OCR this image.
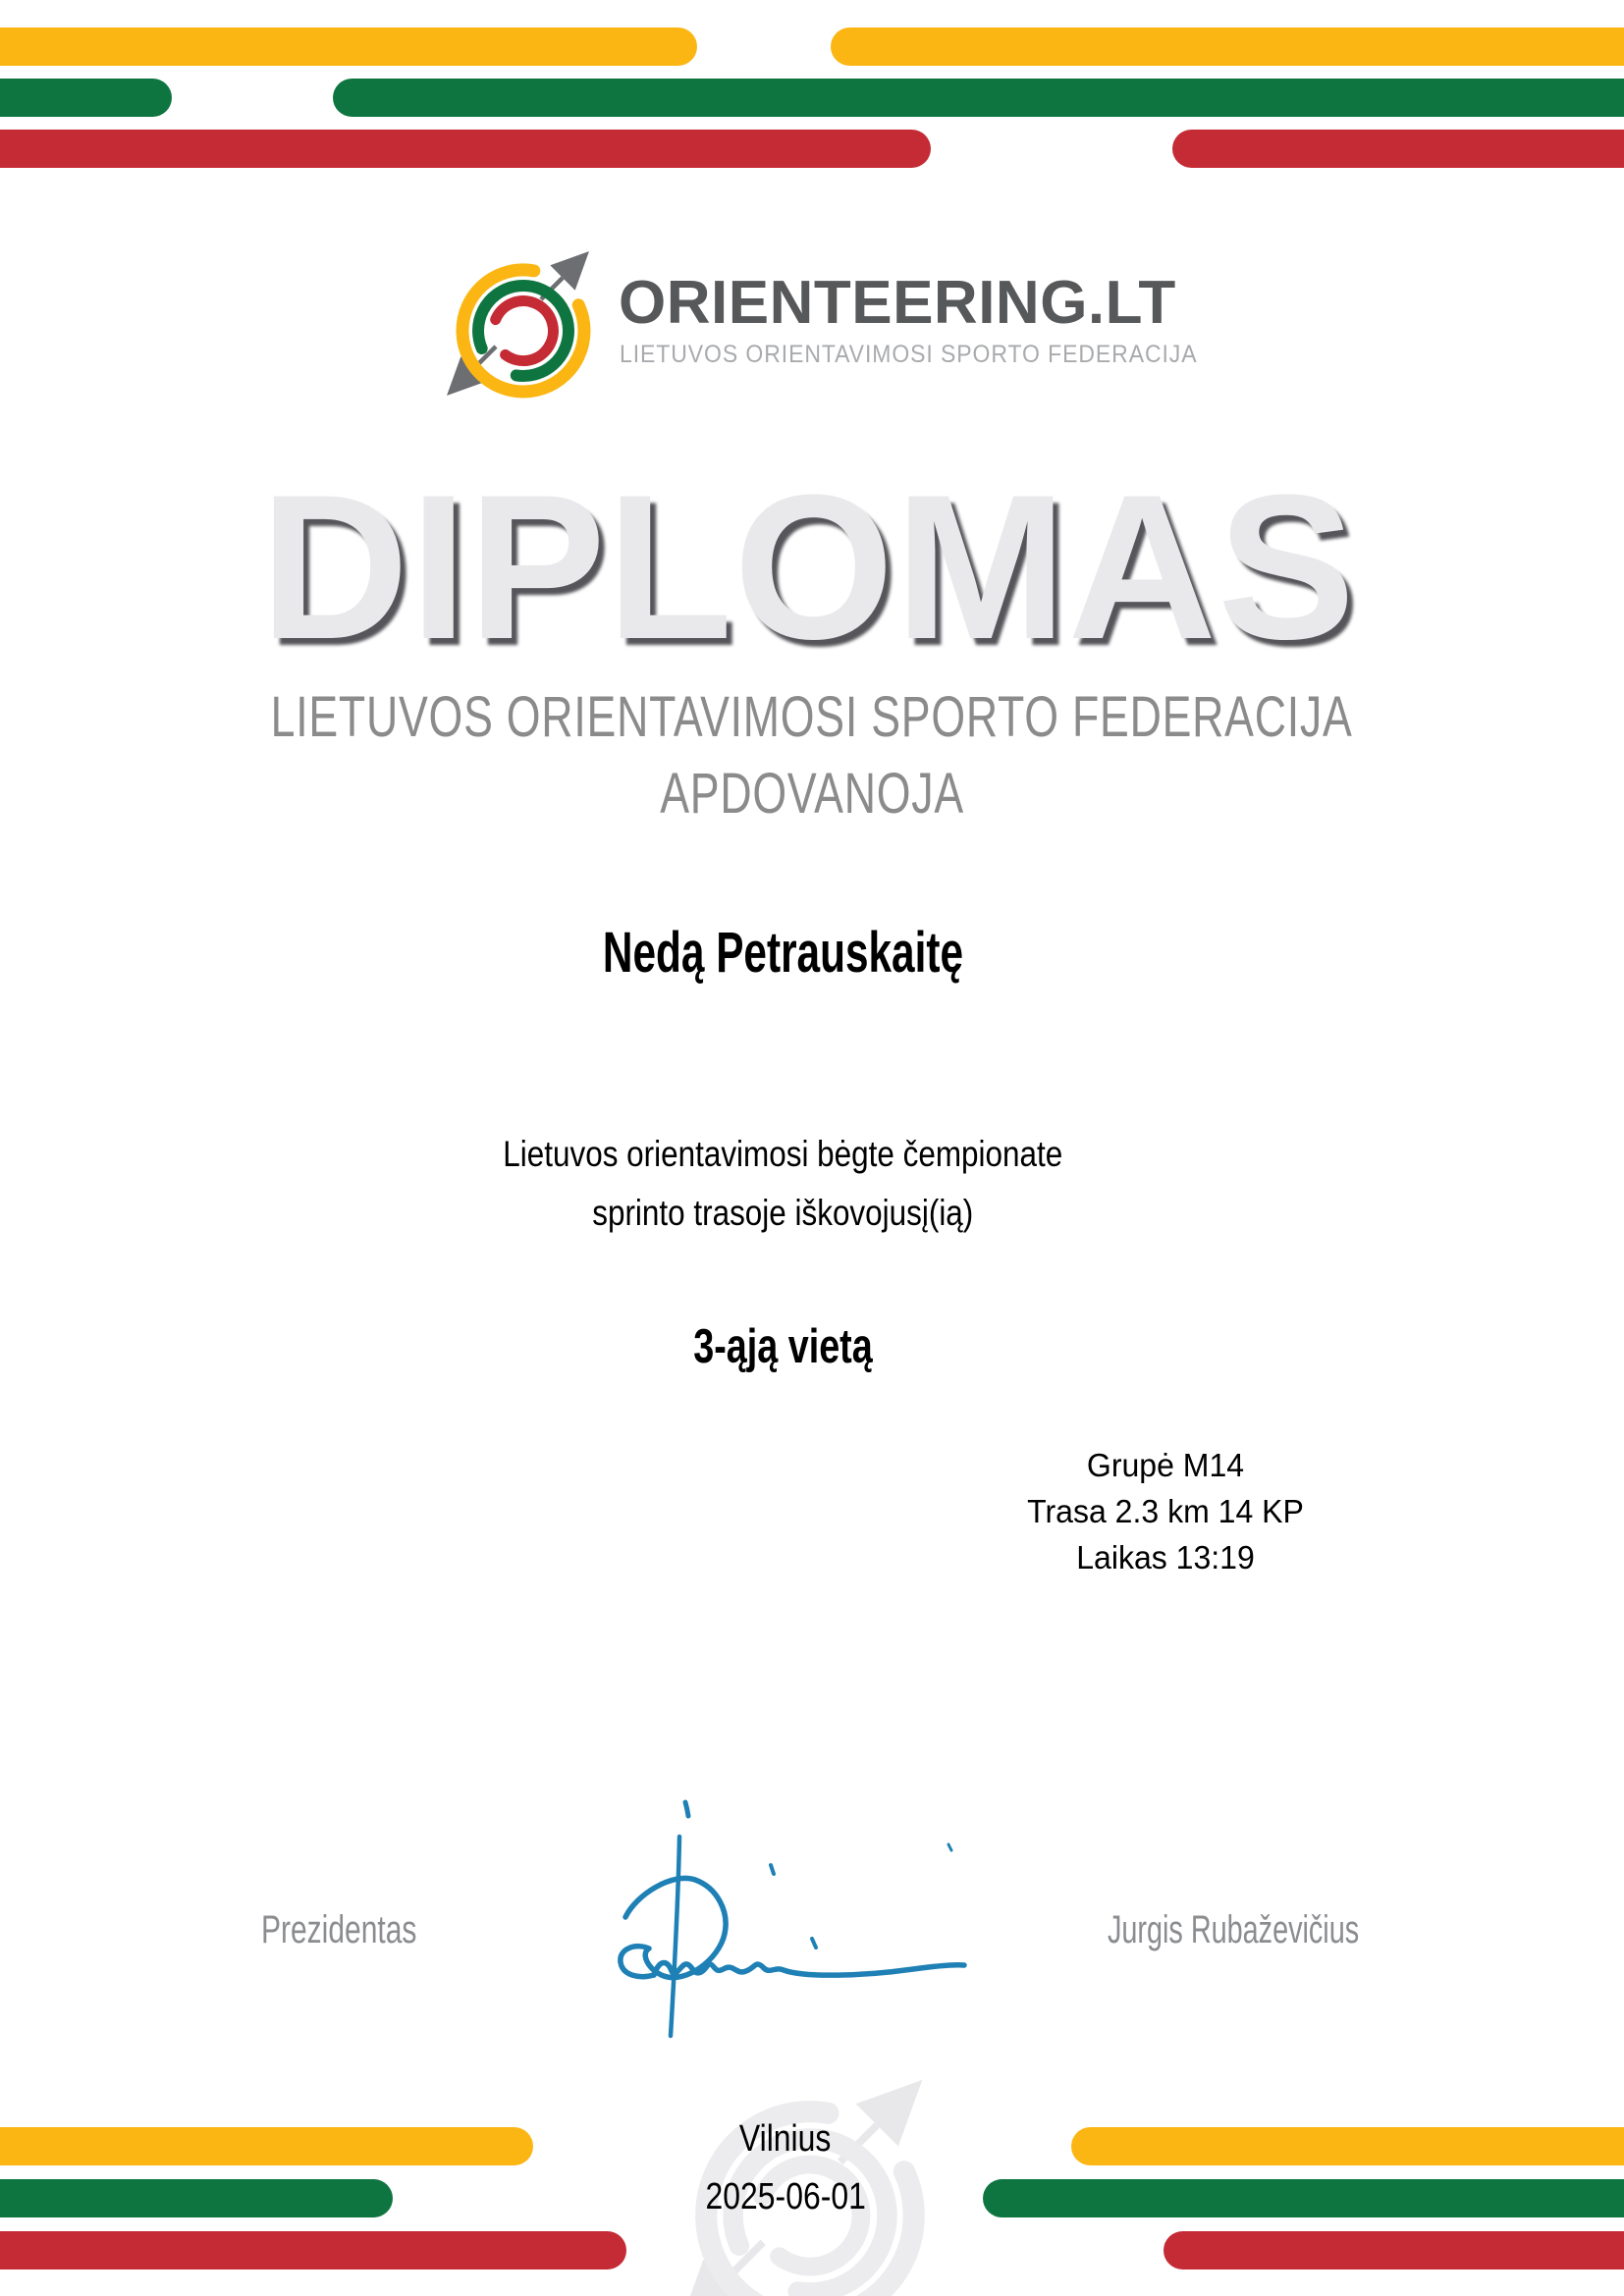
ORIENTEERING.LT
LIETUVOS ORIENTAVIMOSI SPORTO FEDERACIJA
DIPLOMAS
LIETUVOS ORIENTAVIMOSI SPORTO FEDERACIJA
APDOVANOJA
Nedą Petrauskaitę
Lietuvos orientavimosi bėgte čempionate
sprinto trasoje iškovojusį(ią)
3-ąją vietą
Grupė M14
Trasa 2.3 km 14 KP
Laikas 13:19
Prezidentas	Jurgis Rubaževičius
Vilnius
2025-06-01
